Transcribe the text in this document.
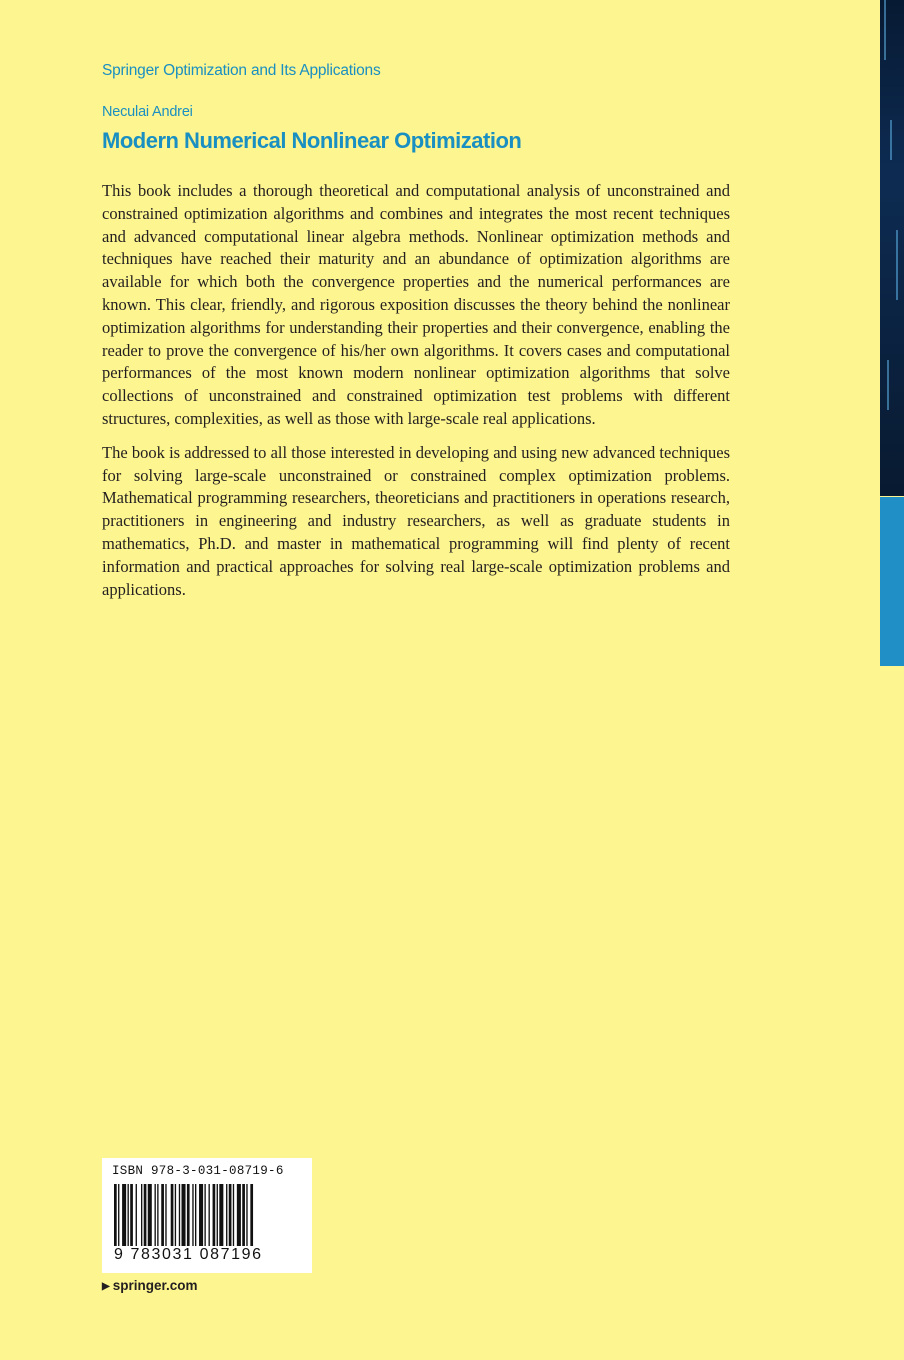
Springer Optimization and Its Applications
Neculai Andrei
Modern Numerical Nonlinear Optimization

This book includes a thorough theoretical and computational analysis of unconstrained and constrained optimization algorithms and combines and integrates the most recent techniques and advanced computational linear algebra methods. Nonlinear optimization methods and techniques have reached their maturity and an abundance of optimization algorithms are available for which both the convergence properties and the numerical performances are known. This clear, friendly, and rigorous exposition discusses the theory behind the nonlinear optimization algorithms for understanding their properties and their convergence, enabling the reader to prove the convergence of his/her own algorithms. It covers cases and computational performances of the most known modern nonlinear optimization algorithms that solve collections of unconstrained and constrained optimization test problems with different structures, complexities, as well as those with large-scale real applications.

The book is addressed to all those interested in developing and using new advanced techniques for solving large-scale unconstrained or constrained complex optimization problems. Mathematical programming researchers, theoreticians and practitioners in operations research, practitioners in engineering and industry researchers, as well as graduate students in mathematics, Ph.D. and master in mathematical programming will find plenty of recent information and practical approaches for solving real large-scale optimization problems and applications.

ISBN 978-3-031-08719-6
9 783031 087196
▶ springer.com
